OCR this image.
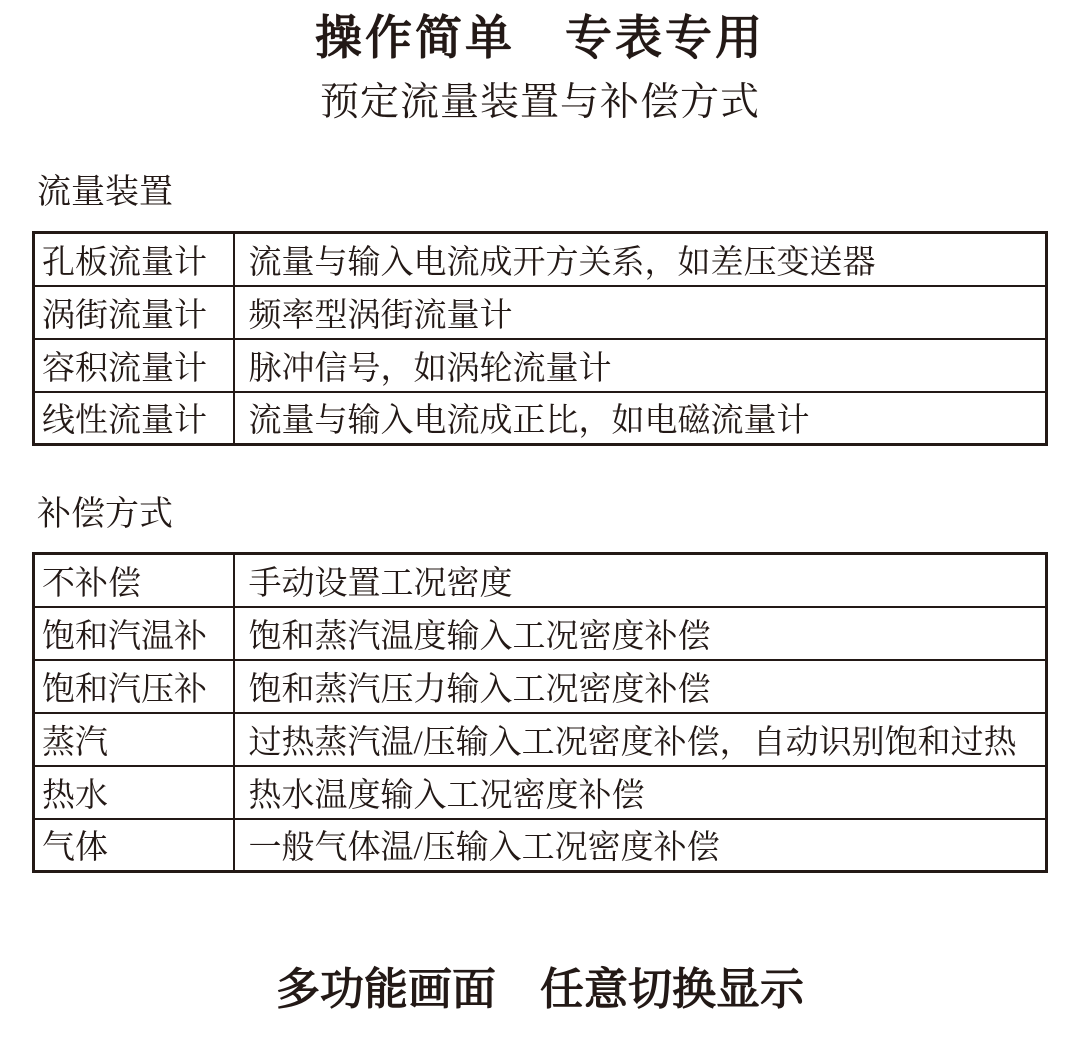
操作简单　专表专用
预定流量装置与补偿方式
流量装置
孔板流量计	流量与输入电流成开方关系，如差压变送器
涡街流量计	频率型涡街流量计
容积流量计	脉冲信号，如涡轮流量计
线性流量计	流量与输入电流成正比，如电磁流量计
补偿方式
不补偿	手动设置工况密度
饱和汽温补	饱和蒸汽温度输入工况密度补偿
饱和汽压补	饱和蒸汽压力输入工况密度补偿
蒸汽	过热蒸汽温/压输入工况密度补偿，自动识别饱和过热
热水	热水温度输入工况密度补偿
气体	一般气体温/压输入工况密度补偿
多功能画面　任意切换显示
